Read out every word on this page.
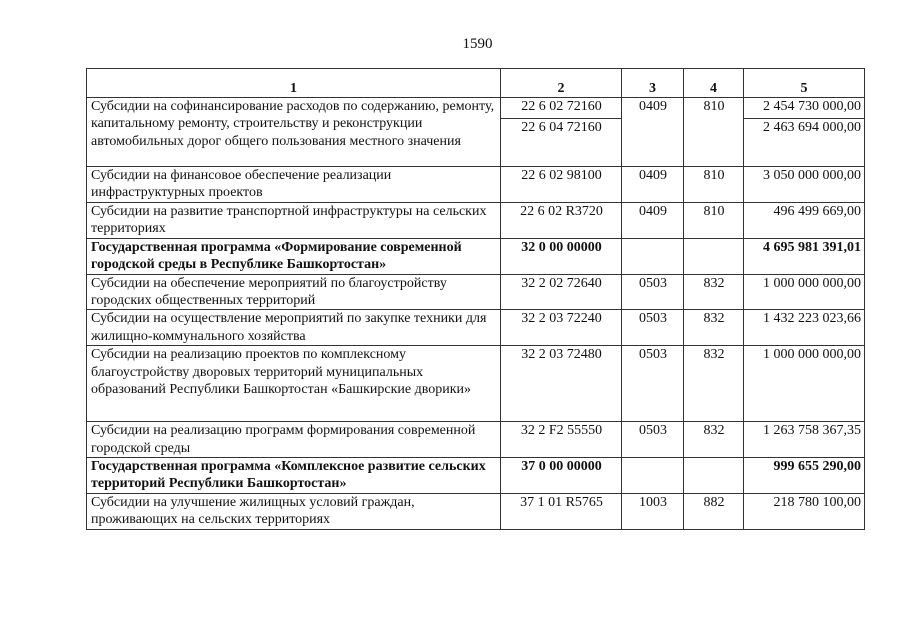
1590
1	2	3	4	5
Субсидии на софинансирование расходов по содержанию, ремонту, капитальному ремонту, строительству и реконструкции автомобильных дорог общего пользования местного значения	22 6 02 72160	0409	810	2 454 730 000,00
	22 6 04 72160			2 463 694 000,00
Субсидии на финансовое обеспечение реализации инфраструктурных проектов	22 6 02 98100	0409	810	3 050 000 000,00
Субсидии на развитие транспортной инфраструктуры на сельских территориях	22 6 02 R3720	0409	810	496 499 669,00
Государственная программа «Формирование современной городской среды в Республике Башкортостан»	32 0 00 00000			4 695 981 391,01
Субсидии на обеспечение мероприятий по благоустройству городских общественных территорий	32 2 02 72640	0503	832	1 000 000 000,00
Субсидии на осуществление мероприятий по закупке техники для жилищно-коммунального хозяйства	32 2 03 72240	0503	832	1 432 223 023,66
Субсидии на реализацию проектов по комплексному благоустройству дворовых территорий муниципальных образований Республики Башкортостан «Башкирские дворики»	32 2 03 72480	0503	832	1 000 000 000,00
Субсидии на реализацию программ формирования современной городской среды	32 2 F2 55550	0503	832	1 263 758 367,35
Государственная программа «Комплексное развитие сельских территорий Республики Башкортостан»	37 0 00 00000			999 655 290,00
Субсидии на улучшение жилищных условий граждан, проживающих на сельских территориях	37 1 01 R5765	1003	882	218 780 100,00
